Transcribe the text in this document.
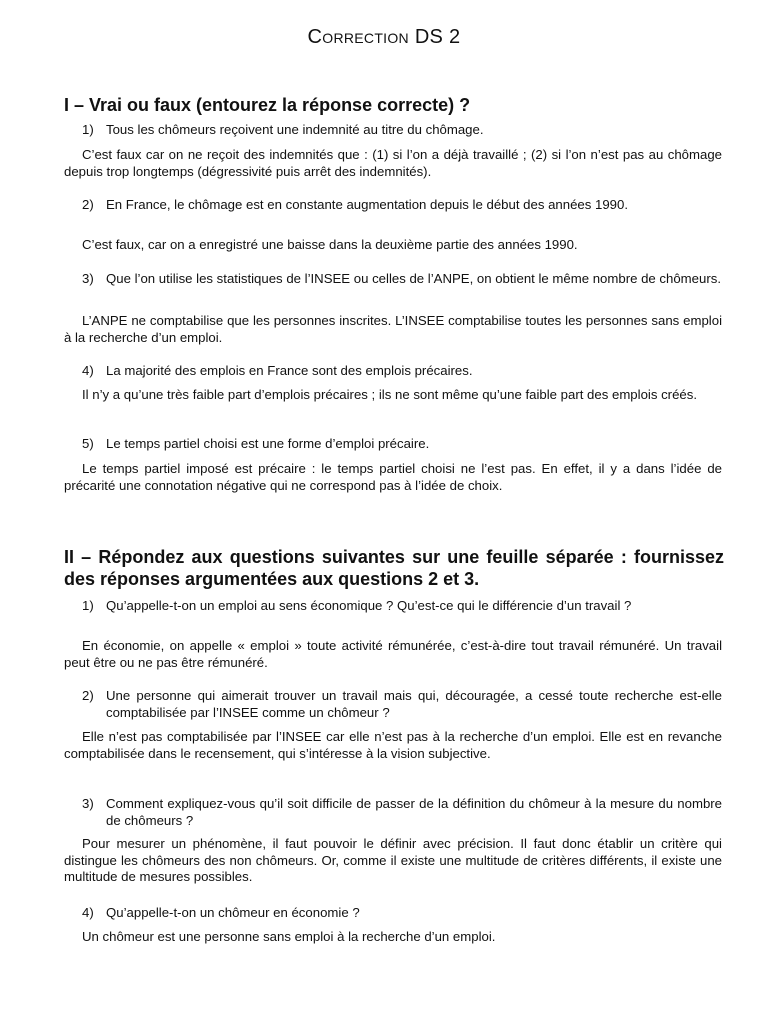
Correction DS 2
I – Vrai ou faux (entourez la réponse correcte) ?
1) Tous les chômeurs reçoivent une indemnité au titre du chômage.
C’est faux car on ne reçoit des indemnités que : (1) si l’on a déjà travaillé ; (2) si l’on n’est pas au chômage depuis trop longtemps (dégressivité puis arrêt des indemnités).
2) En France, le chômage est en constante augmentation depuis le début des années 1990.
C’est faux, car on a enregistré une baisse dans la deuxième partie des années 1990.
3) Que l’on utilise les statistiques de l’INSEE ou celles de l’ANPE, on obtient le même nombre de chômeurs.
L’ANPE ne comptabilise que les personnes inscrites. L’INSEE comptabilise toutes les personnes sans emploi à la recherche d’un emploi.
4) La majorité des emplois en France sont des emplois précaires.
Il n’y a qu’une très faible part d’emplois précaires ; ils ne sont même qu’une faible part des emplois créés.
5) Le temps partiel choisi est une forme d’emploi précaire.
Le temps partiel imposé est précaire : le temps partiel choisi ne l’est pas. En effet, il y a dans l’idée de précarité une connotation négative qui ne correspond pas à l’idée de choix.
II – Répondez aux questions suivantes sur une feuille séparée : fournissez des réponses argumentées aux questions 2 et 3.
1) Qu’appelle-t-on un emploi au sens économique ? Qu’est-ce qui le différencie d’un travail ?
En économie, on appelle « emploi » toute activité rémunérée, c’est-à-dire tout travail rémunéré. Un travail peut être ou ne pas être rémunéré.
2) Une personne qui aimerait trouver un travail mais qui, découragée, a cessé toute recherche est-elle comptabilisée par l’INSEE comme un chômeur ?
Elle n’est pas comptabilisée par l’INSEE car elle n’est pas à la recherche d’un emploi. Elle est en revanche comptabilisée dans le recensement, qui s’intéresse à la vision subjective.
3) Comment expliquez-vous qu’il soit difficile de passer de la définition du chômeur à la mesure du nombre de chômeurs ?
Pour mesurer un phénomène, il faut pouvoir le définir avec précision. Il faut donc établir un critère qui distingue les chômeurs des non chômeurs. Or, comme il existe une multitude de critères différents, il existe une multitude de mesures possibles.
4) Qu’appelle-t-on un chômeur en économie ?
Un chômeur est une personne sans emploi à la recherche d’un emploi.
